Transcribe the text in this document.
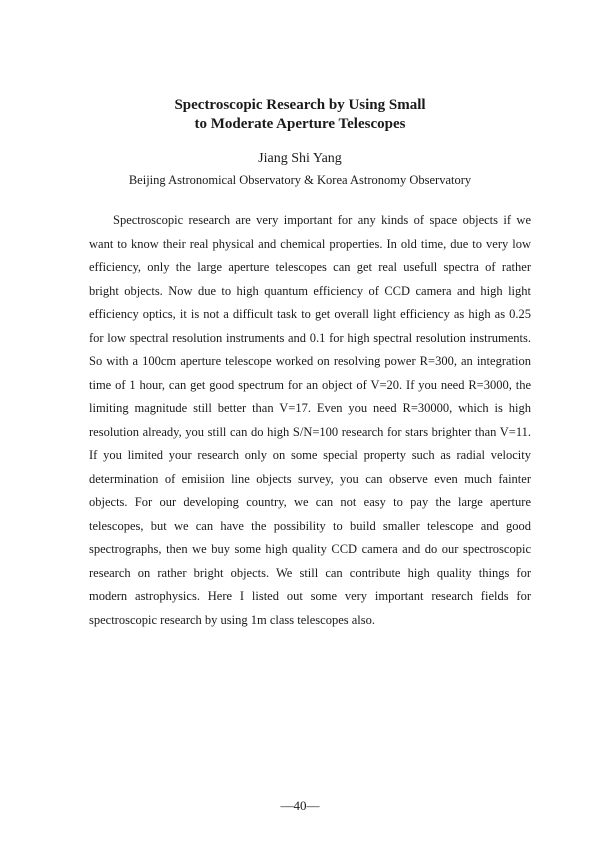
Spectroscopic Research by Using Small
to Moderate Aperture Telescopes
Jiang Shi Yang
Beijing Astronomical Observatory & Korea Astronomy Observatory
Spectroscopic research are very important for any kinds of space objects if we
want to know their real physical and chemical properties. In old time, due to very low
efficiency, only the large aperture telescopes can get real usefull spectra of rather
bright objects. Now due to high quantum efficiency of CCD camera and high light
efficiency optics, it is not a difficult task to get overall light efficiency as high as 0.25
for low spectral resolution instruments and 0.1 for high spectral resolution instruments.
So with a 100cm aperture telescope worked on resolving power R=300, an integration
time of 1 hour, can get good spectrum for an object of V=20. If you need R=3000, the
limiting magnitude still better than V=17. Even you need R=30000, which is high
resolution already, you still can do high S/N=100 research for stars brighter than V=11.
If you limited your research only on some special property such as radial velocity
determination of emisiion line objects survey, you can observe even much fainter
objects. For our developing country, we can not easy to pay the large aperture
telescopes, but we can have the possibility to build smaller telescope and good
spectrographs, then we buy some high quality CCD camera and do our spectroscopic
research on rather bright objects. We still can contribute high quality things for
modern astrophysics. Here I listed out some very important research fields for
spectroscopic research by using 1m class telescopes also.
—40—
